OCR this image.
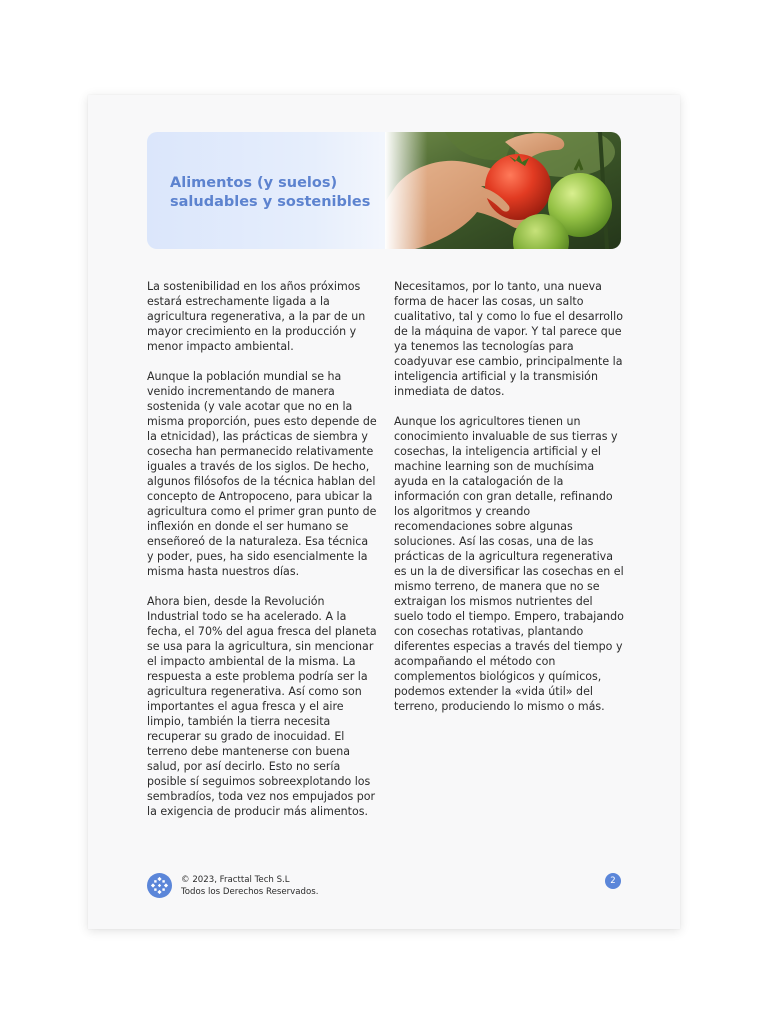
Alimentos (y suelos)
saludables y sostenibles

La sostenibilidad en los años próximos estará estrechamente ligada a la agricultura regenerativa, a la par de un mayor crecimiento en la producción y menor impacto ambiental.

Aunque la población mundial se ha venido incrementando de manera sostenida (y vale acotar que no en la misma proporción, pues esto depende de la etnicidad), las prácticas de siembra y cosecha han permanecido relativamente iguales a través de los siglos. De hecho, algunos filósofos de la técnica hablan del concepto de Antropoceno, para ubicar la agricultura como el primer gran punto de inflexión en donde el ser humano se enseñoreó de la naturaleza. Esa técnica y poder, pues, ha sido esencialmente la misma hasta nuestros días.

Ahora bien, desde la Revolución Industrial todo se ha acelerado. A la fecha, el 70% del agua fresca del planeta se usa para la agricultura, sin mencionar el impacto ambiental de la misma. La respuesta a este problema podría ser la agricultura regenerativa. Así como son importantes el agua fresca y el aire limpio, también la tierra necesita recuperar su grado de inocuidad. El terreno debe mantenerse con buena salud, por así decirlo. Esto no sería posible sí seguimos sobreexplotando los sembradíos, toda vez nos empujados por la exigencia de producir más alimentos.

Necesitamos, por lo tanto, una nueva forma de hacer las cosas, un salto cualitativo, tal y como lo fue el desarrollo de la máquina de vapor. Y tal parece que ya tenemos las tecnologías para coadyuvar ese cambio, principalmente la inteligencia artificial y la transmisión inmediata de datos.

Aunque los agricultores tienen un conocimiento invaluable de sus tierras y cosechas, la inteligencia artificial y el machine learning son de muchísima ayuda en la catalogación de la información con gran detalle, refinando los algoritmos y creando recomendaciones sobre algunas soluciones. Así las cosas, una de las prácticas de la agricultura regenerativa es un la de diversificar las cosechas en el mismo terreno, de manera que no se extraigan los mismos nutrientes del suelo todo el tiempo. Empero, trabajando con cosechas rotativas, plantando diferentes especias a través del tiempo y acompañando el método con complementos biológicos y químicos, podemos extender la «vida útil» del terreno, produciendo lo mismo o más.

© 2023, Fracttal Tech S.L
Todos los Derechos Reservados.
2
